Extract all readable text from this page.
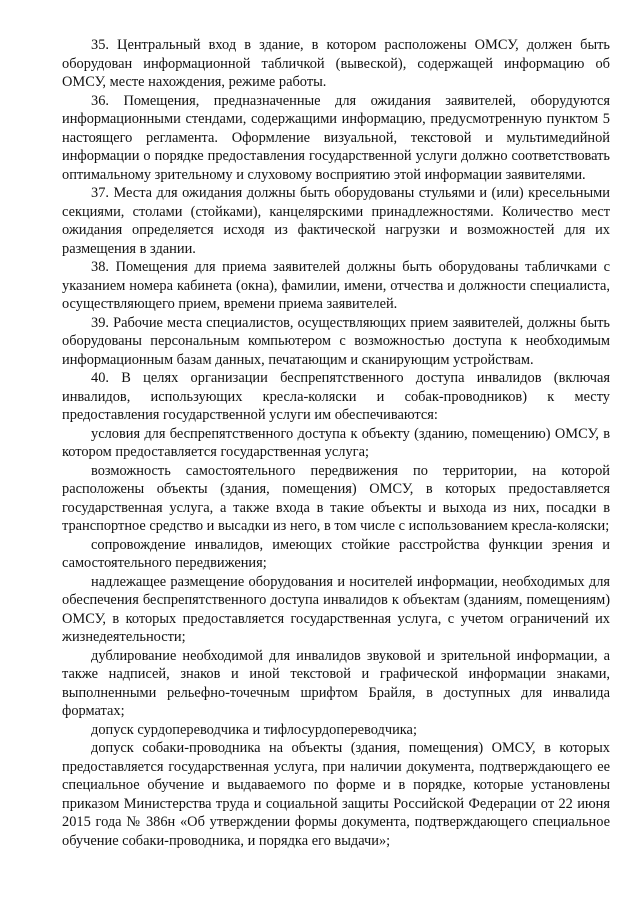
35. Центральный вход в здание, в котором расположены ОМСУ, должен быть оборудован информационной табличкой (вывеской), содержащей информацию об ОМСУ, месте нахождения, режиме работы.

36. Помещения, предназначенные для ожидания заявителей, оборудуются информационными стендами, содержащими информацию, предусмотренную пунктом 5 настоящего регламента. Оформление визуальной, текстовой и мультимедийной информации о порядке предоставления государственной услуги должно соответствовать оптимальному зрительному и слуховому восприятию этой информации заявителями.

37. Места для ожидания должны быть оборудованы стульями и (или) кресельными секциями, столами (стойками), канцелярскими принадлежностями. Количество мест ожидания определяется исходя из фактической нагрузки и возможностей для их размещения в здании.

38. Помещения для приема заявителей должны быть оборудованы табличками с указанием номера кабинета (окна), фамилии, имени, отчества и должности специалиста, осуществляющего прием, времени приема заявителей.

39. Рабочие места специалистов, осуществляющих прием заявителей, должны быть оборудованы персональным компьютером с возможностью доступа к необходимым информационным базам данных, печатающим и сканирующим устройствам.

40. В целях организации беспрепятственного доступа инвалидов (включая инвалидов, использующих кресла-коляски и собак-проводников) к месту предоставления государственной услуги им обеспечиваются:

условия для беспрепятственного доступа к объекту (зданию, помещению) ОМСУ, в котором предоставляется государственная услуга;

возможность самостоятельного передвижения по территории, на которой расположены объекты (здания, помещения) ОМСУ, в которых предоставляется государственная услуга, а также входа в такие объекты и выхода из них, посадки в транспортное средство и высадки из него, в том числе с использованием кресла-коляски;

сопровождение инвалидов, имеющих стойкие расстройства функции зрения и самостоятельного передвижения;

надлежащее размещение оборудования и носителей информации, необходимых для обеспечения беспрепятственного доступа инвалидов к объектам (зданиям, помещениям) ОМСУ, в которых предоставляется государственная услуга, с учетом ограничений их жизнедеятельности;

дублирование необходимой для инвалидов звуковой и зрительной информации, а также надписей, знаков и иной текстовой и графической информации знаками, выполненными рельефно-точечным шрифтом Брайля, в доступных для инвалида форматах;

допуск сурдопереводчика и тифлосурдопереводчика;

допуск собаки-проводника на объекты (здания, помещения) ОМСУ, в которых предоставляется государственная услуга, при наличии документа, подтверждающего ее специальное обучение и выдаваемого по форме и в порядке, которые установлены приказом Министерства труда и социальной защиты Российской Федерации от 22 июня 2015 года № 386н «Об утверждении формы документа, подтверждающего специальное обучение собаки-проводника, и порядка его выдачи»;
